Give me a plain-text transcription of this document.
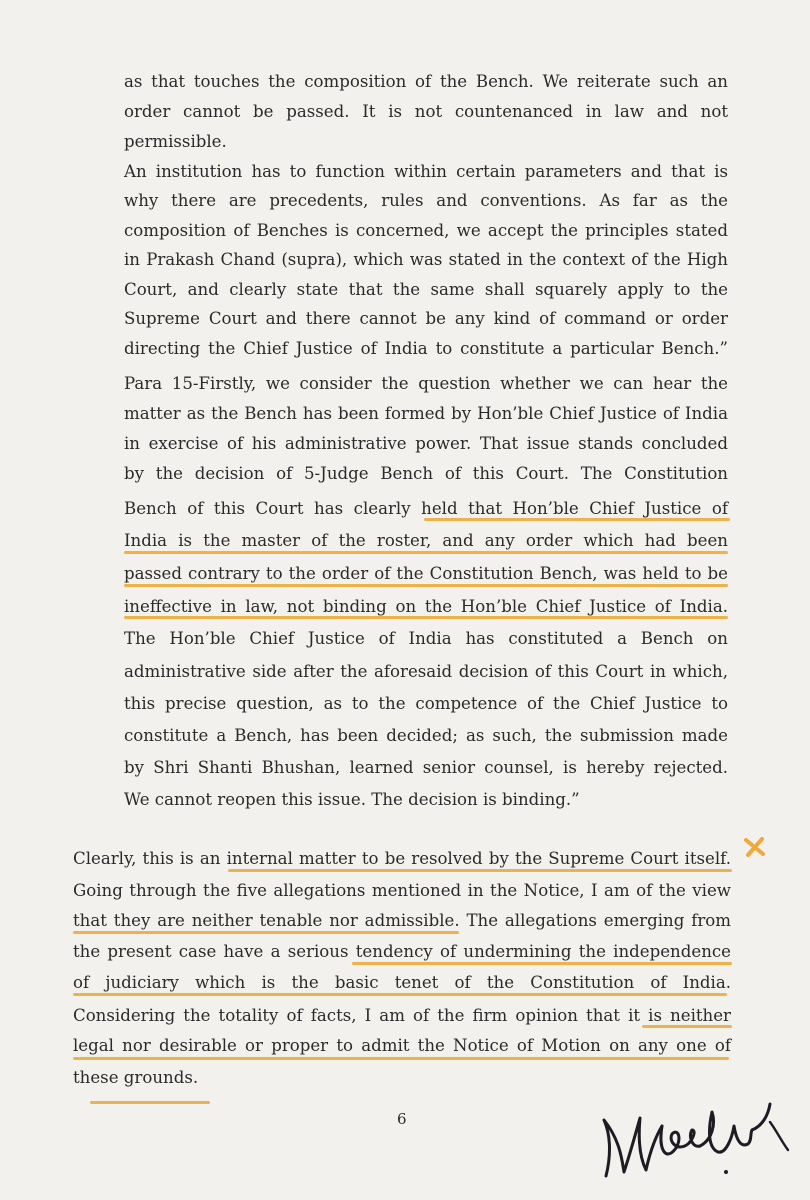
as that touches the composition of the Bench. We reiterate such an
order cannot be passed. It is not countenanced in law and not
permissible.
An institution has to function within certain parameters and that is
why there are precedents, rules and conventions. As far as the
composition of Benches is concerned, we accept the principles stated
in Prakash Chand (supra), which was stated in the context of the High
Court, and clearly state that the same shall squarely apply to the
Supreme Court and there cannot be any kind of command or order
directing the Chief Justice of India to constitute a particular Bench.”
Para 15-Firstly, we consider the question whether we can hear the
matter as the Bench has been formed by Hon’ble Chief Justice of India
in exercise of his administrative power. That issue stands concluded
by the decision of 5-Judge Bench of this Court. The Constitution
Bench of this Court has clearly held that Hon’ble Chief Justice of
India is the master of the roster, and any order which had been
passed contrary to the order of the Constitution Bench, was held to be
ineffective in law, not binding on the Hon’ble Chief Justice of India.
The Hon’ble Chief Justice of India has constituted a Bench on
administrative side after the aforesaid decision of this Court in which,
this precise question, as to the competence of the Chief Justice to
constitute a Bench, has been decided; as such, the submission made
by Shri Shanti Bhushan, learned senior counsel, is hereby rejected.
We cannot reopen this issue. The decision is binding.”
Clearly, this is an internal matter to be resolved by the Supreme Court itself.
Going through the five allegations mentioned in the Notice, I am of the view
that they are neither tenable nor admissible. The allegations emerging from
the present case have a serious tendency of undermining the independence
of judiciary which is the basic tenet of the Constitution of India.
Considering the totality of facts, I am of the firm opinion that it is neither
legal nor desirable or proper to admit the Notice of Motion on any one of
these grounds.
6
